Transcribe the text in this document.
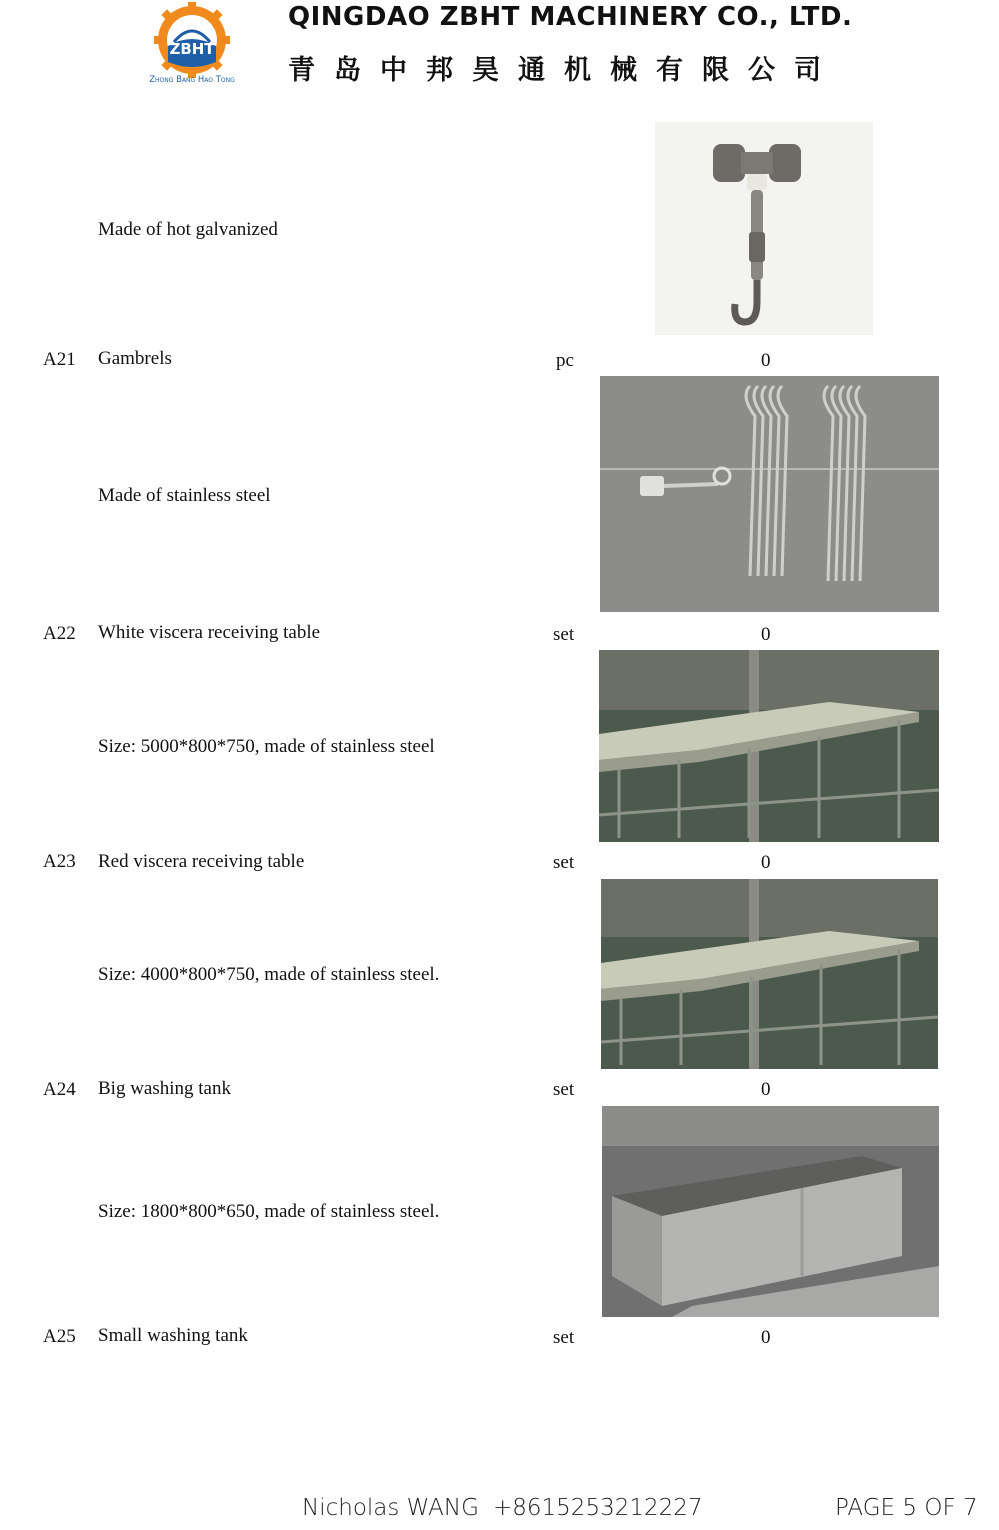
ZBHT
Zhong Bang Hao Tong
QINGDAO ZBHT MACHINERY CO., LTD.
青岛中邦昊通机械有限公司
Made of hot galvanized
A21 Gambrels	pc	0
Made of stainless steel
A22 White viscera receiving table	set	0
Size: 5000*800*750, made of stainless steel
A23 Red viscera receiving table	set	0
Size: 4000*800*750, made of stainless steel.
A24 Big washing tank	set	0
Size: 1800*800*650, made of stainless steel.
A25 Small washing tank	set	0
Nicholas WANG +8615253212227	PAGE 5 OF 7
